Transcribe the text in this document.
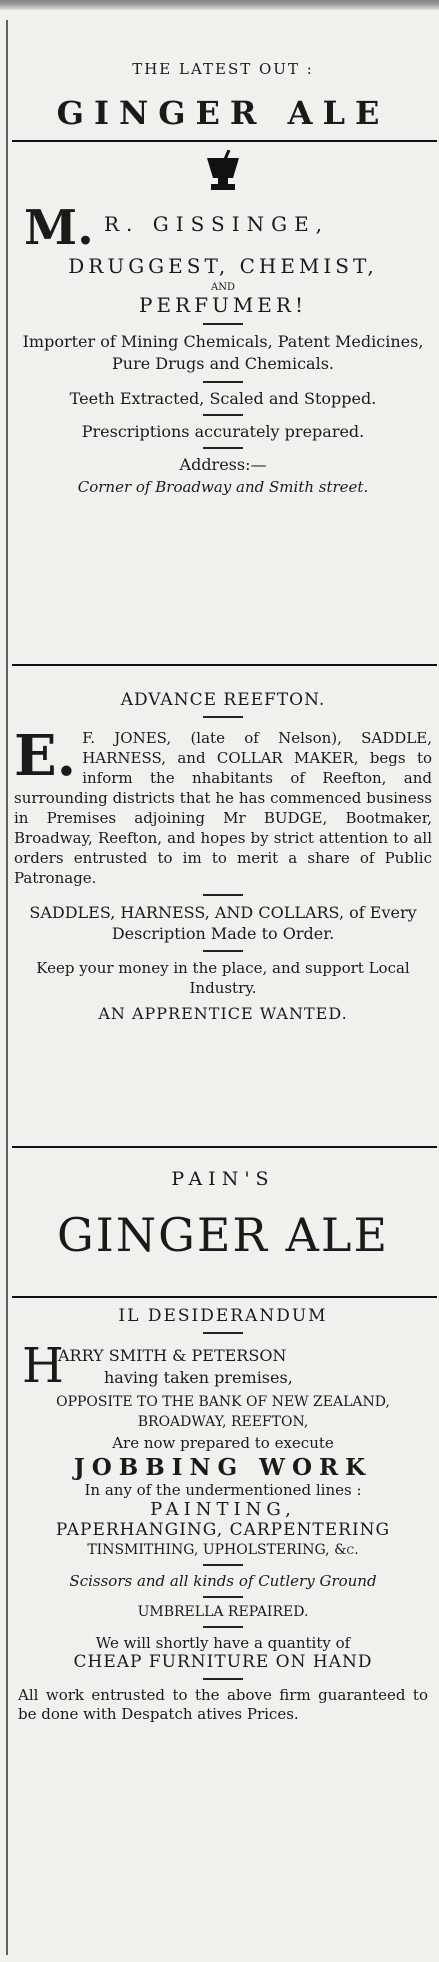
THE LATEST OUT :
GINGER ALE
M. R. GISSINGE,
DRUGGEST, CHEMIST,
AND
PERFUMER!
Importer of Mining Chemicals, Patent Medicines, Pure Drugs and Chemicals.
Teeth Extracted, Scaled and Stopped.
Prescriptions accurately prepared.
Address:—
Corner of Broadway and Smith street.
ADVANCE REEFTON.
E. F. JONES, (late of Nelson), SADDLE, HARNESS, and COLLAR MAKER, begs to inform the nhabitants of Reefton, and surrounding districts that he has commenced business in Premises adjoining Mr BUDGE, Bootmaker, Broadway, Reefton, and hopes by strict attention to all orders entrusted to im to merit a share of Public Patronage.
SADDLES, HARNESS, AND COLLARS, of Every Description Made to Order.
Keep your money in the place, and support Local Industry.
AN APPRENTICE WANTED.
PAIN'S
GINGER ALE
IL DESIDERANDUM
H
ARRY SMITH & PETERSON
having taken premises,
OPPOSITE TO THE BANK OF NEW ZEALAND,
BROADWAY, REEFTON,
Are now prepared to execute
JOBBING WORK
In any of the undermentioned lines :
PAINTING,
PAPERHANGING, CARPENTERING
TINSMITHING, UPHOLSTERING, &c.
Scissors and all kinds of Cutlery Ground
UMBRELLA REPAIRED.
We will shortly have a quantity of
CHEAP FURNITURE ON HAND
All work entrusted to the above firm guaranteed to be done with Despatch atives Prices.
